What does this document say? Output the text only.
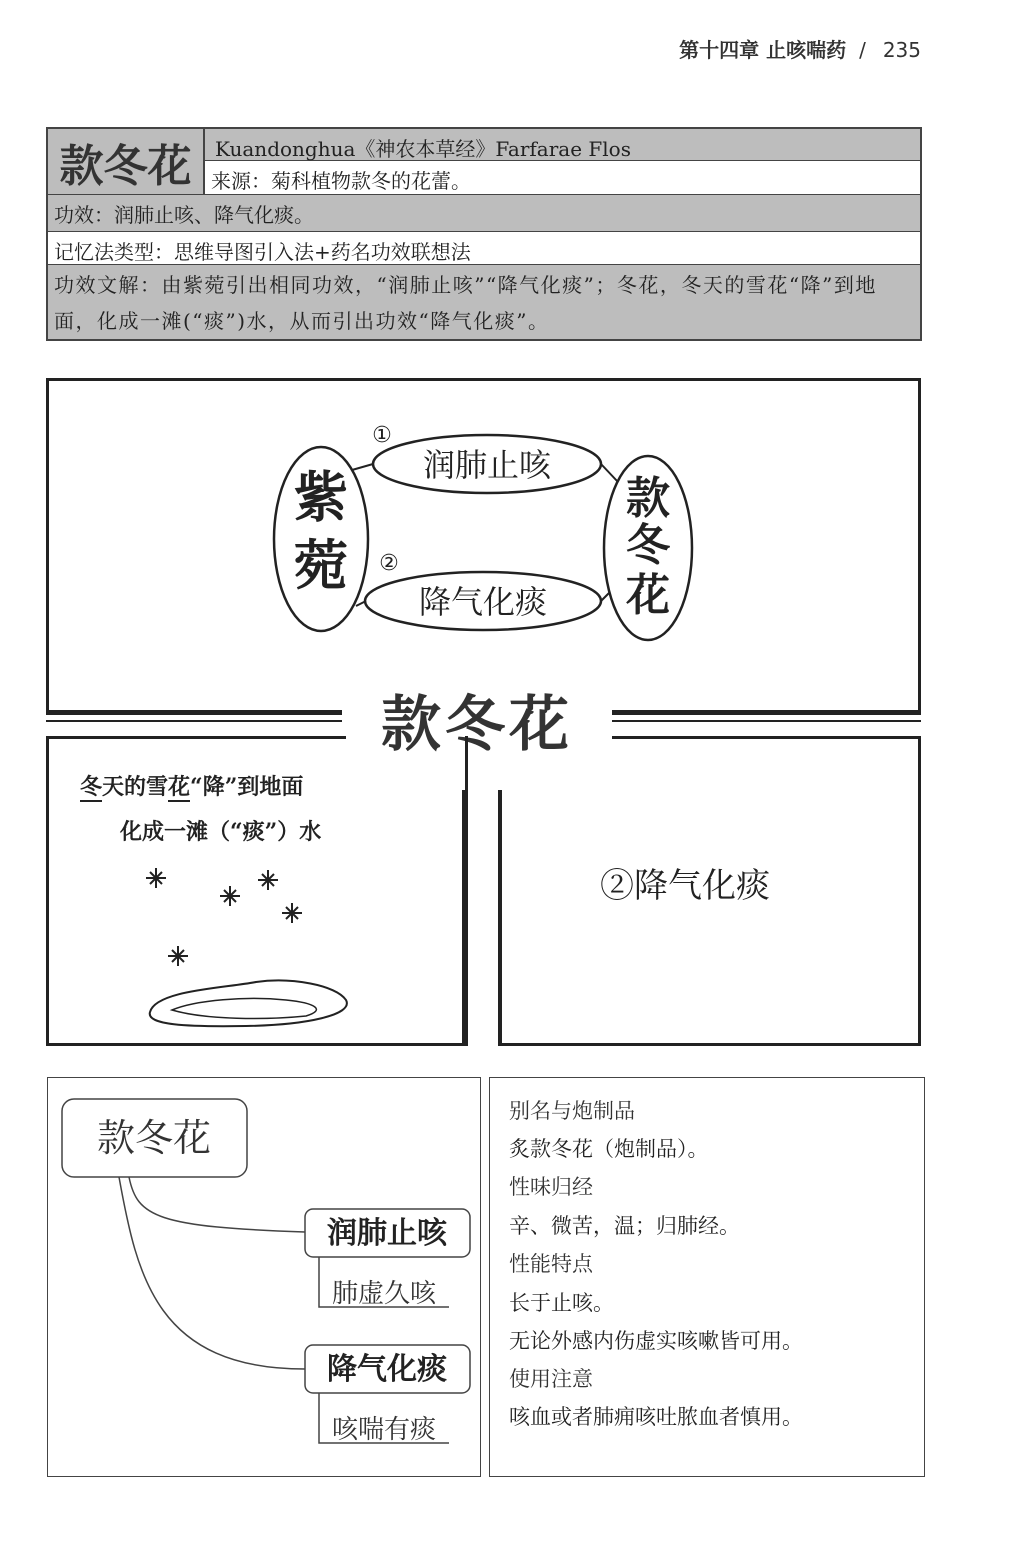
第十四章 止咳喘药 / 235
款冬花	Kuandonghua《神农本草经》Farfarae Flos
来源：菊科植物款冬的花蕾。
功效：润肺止咳、降气化痰。
记忆法类型：思维导图引入法+药名功效联想法
功效文解：由紫菀引出相同功效，“润肺止咳”“降气化痰”；冬花，冬天的雪花“降”到地面，化成一滩(“痰”)水，从而引出功效“降气化痰”。
紫
菀
款
冬
花
润肺止咳
①
降气化痰
②
款冬花
冬天的雪花“降”到地面
化成一滩（“痰”）水
②降气化痰
款冬花
润肺止咳
肺虚久咳
降气化痰
咳喘有痰
别名与炮制品
炙款冬花（炮制品）。
性味归经
辛、微苦，温；归肺经。
性能特点
长于止咳。
无论外感内伤虚实咳嗽皆可用。
使用注意
咳血或者肺痈咳吐脓血者慎用。
